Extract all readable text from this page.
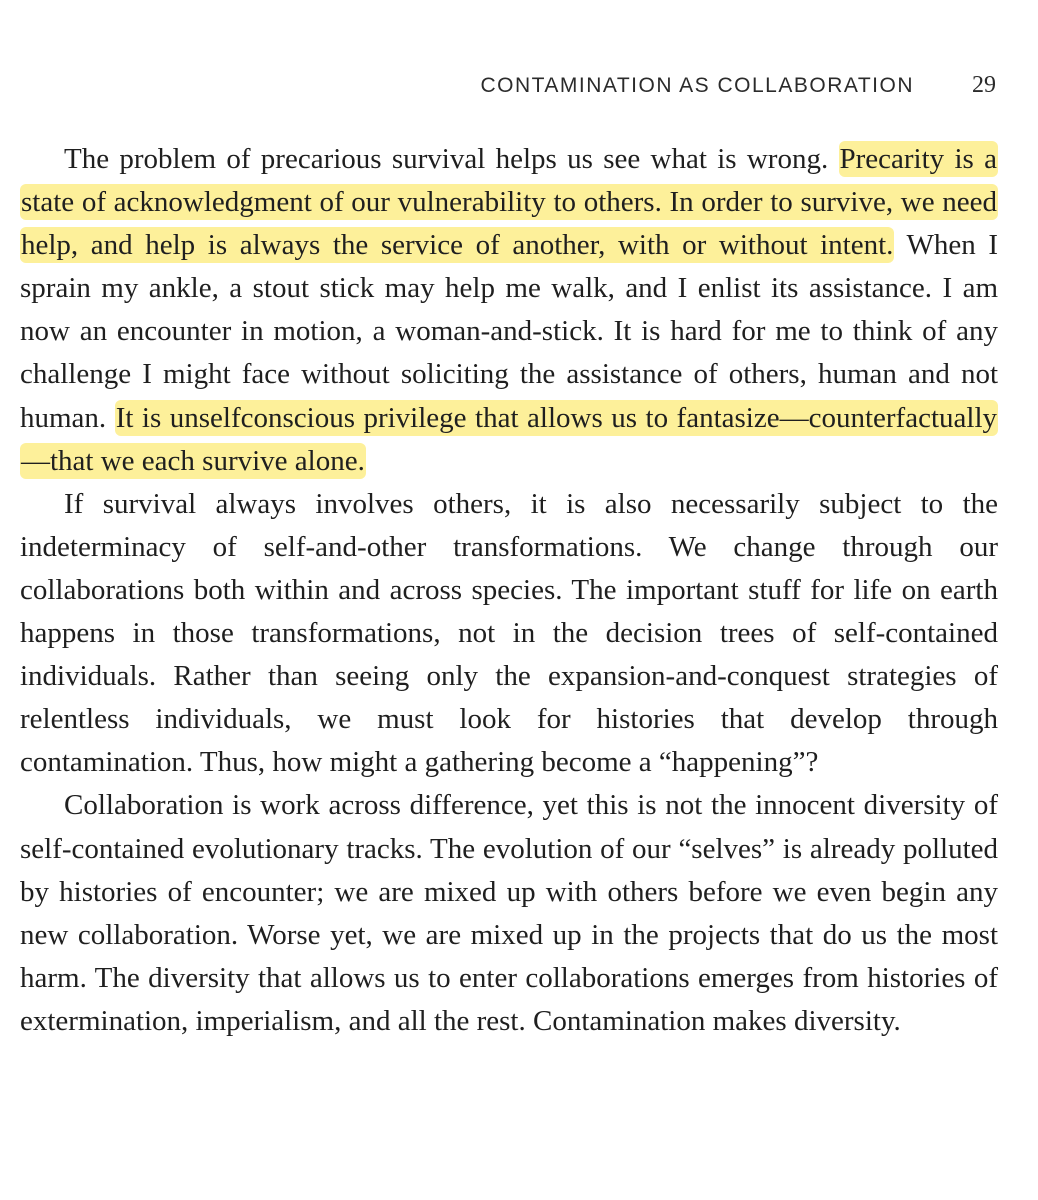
CONTAMINATION AS COLLABORATION 29

The problem of precarious survival helps us see what is wrong. Precarity is a state of acknowledgment of our vulnerability to others. In order to survive, we need help, and help is always the service of another, with or without intent. When I sprain my ankle, a stout stick may help me walk, and I enlist its assistance. I am now an encounter in motion, a woman-and-stick. It is hard for me to think of any challenge I might face without soliciting the assistance of others, human and not human. It is unselfconscious privilege that allows us to fantasize—counterfactually—that we each survive alone.

If survival always involves others, it is also necessarily subject to the indeterminacy of self-and-other transformations. We change through our collaborations both within and across species. The important stuff for life on earth happens in those transformations, not in the decision trees of self-contained individuals. Rather than seeing only the expansion-and-conquest strategies of relentless individuals, we must look for histories that develop through contamination. Thus, how might a gathering become a “happening”?

Collaboration is work across difference, yet this is not the innocent diversity of self-contained evolutionary tracks. The evolution of our “selves” is already polluted by histories of encounter; we are mixed up with others before we even begin any new collaboration. Worse yet, we are mixed up in the projects that do us the most harm. The diversity that allows us to enter collaborations emerges from histories of extermination, imperialism, and all the rest. Contamination makes diversity.
